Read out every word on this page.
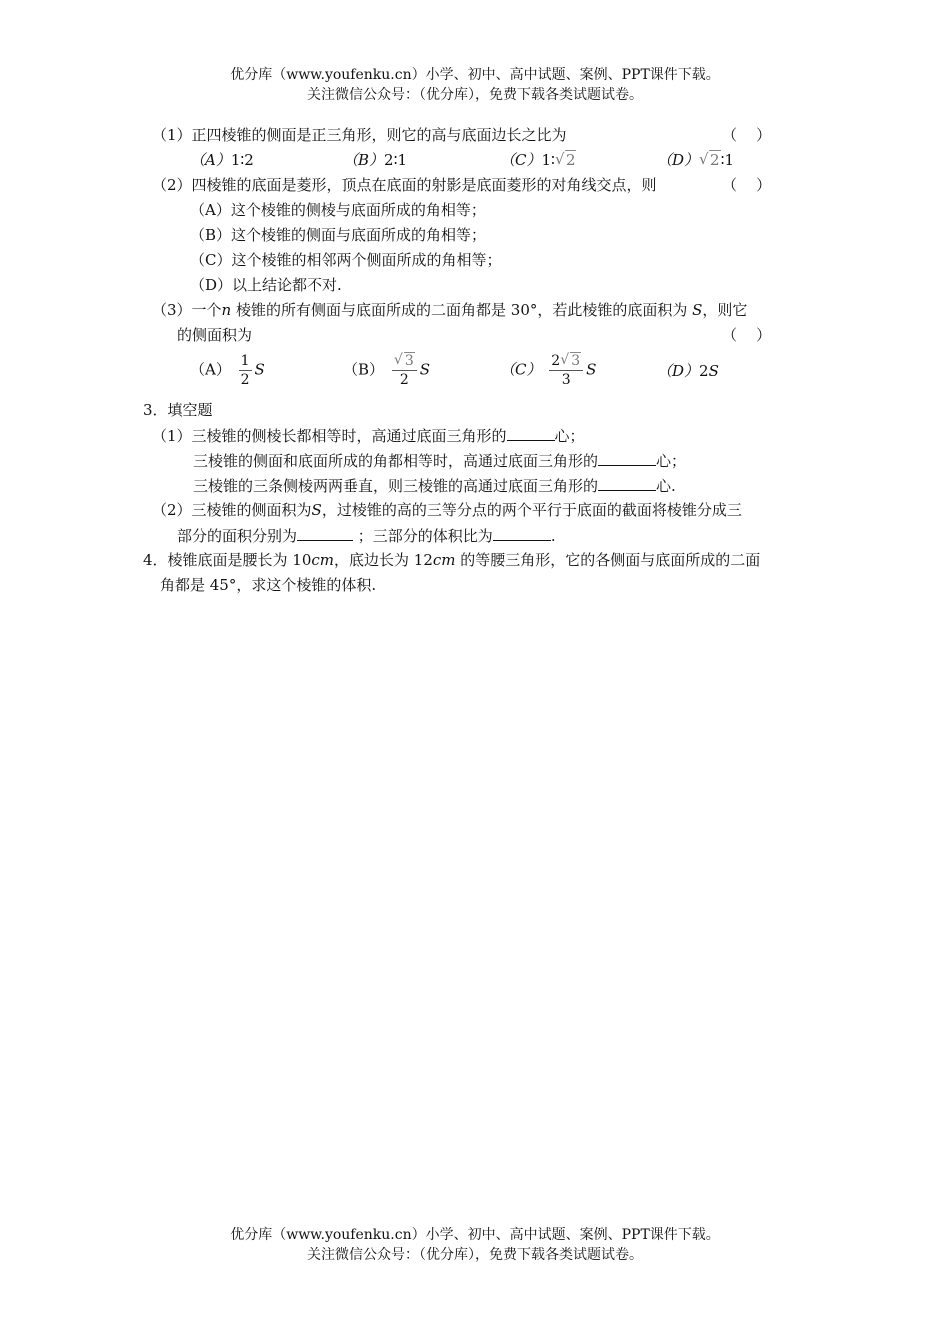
优分库（www.youfenku.cn）小学、初中、高中试题、案例、PPT课件下载。
关注微信公众号：（优分库），免费下载各类试题试卷。
（1）正四棱锥的侧面是正三角形，则它的高与底面边长之比为	（    ）
（A）1∶2	（B）2∶1	（C）1∶ √ 2	（D） √ 2∶1
（2）四棱锥的底面是菱形，顶点在底面的射影是底面菱形的对角线交点，则	（    ）
（A）这个棱锥的侧棱与底面所成的角相等；
（B）这个棱锥的侧面与底面所成的角相等；
（C）这个棱锥的相邻两个侧面所成的角相等；
（D）以上结论都不对.
（3）一个n 棱锥的所有侧面与底面所成的二面角都是 30°，若此棱锥的底面积为 S，则它
的侧面积为	（    ）
$(A) \frac{1}{2}$ S	（B） √ $\frac{3}{2}$ S	$(C) \frac{2 √ 3}{3}$ S	（D）2S
3．填空题
（1）三棱锥的侧棱长都相等时，高通过底面三角形的	心；
三棱锥的侧面和底面所成的角都相等时，高通过底面三角形的	心；
三棱锥的三条侧棱两两垂直，则三棱锥的高通过底面三角形的	心.
（2）三棱锥的侧面积为S，过棱锥的高的三等分点的两个平行于底面的截面将棱锥分成三
部分的面积分别为	；三部分的体积比为	.
4．棱锥底面是腰长为 10cm，底边长为 12cm 的等腰三角形，它的各侧面与底面所成的二面
角都是 45°，求这个棱锥的体积.
优分库（www.youfenku.cn）小学、初中、高中试题、案例、PPT课件下载。
关注微信公众号：（优分库），免费下载各类试题试卷。
